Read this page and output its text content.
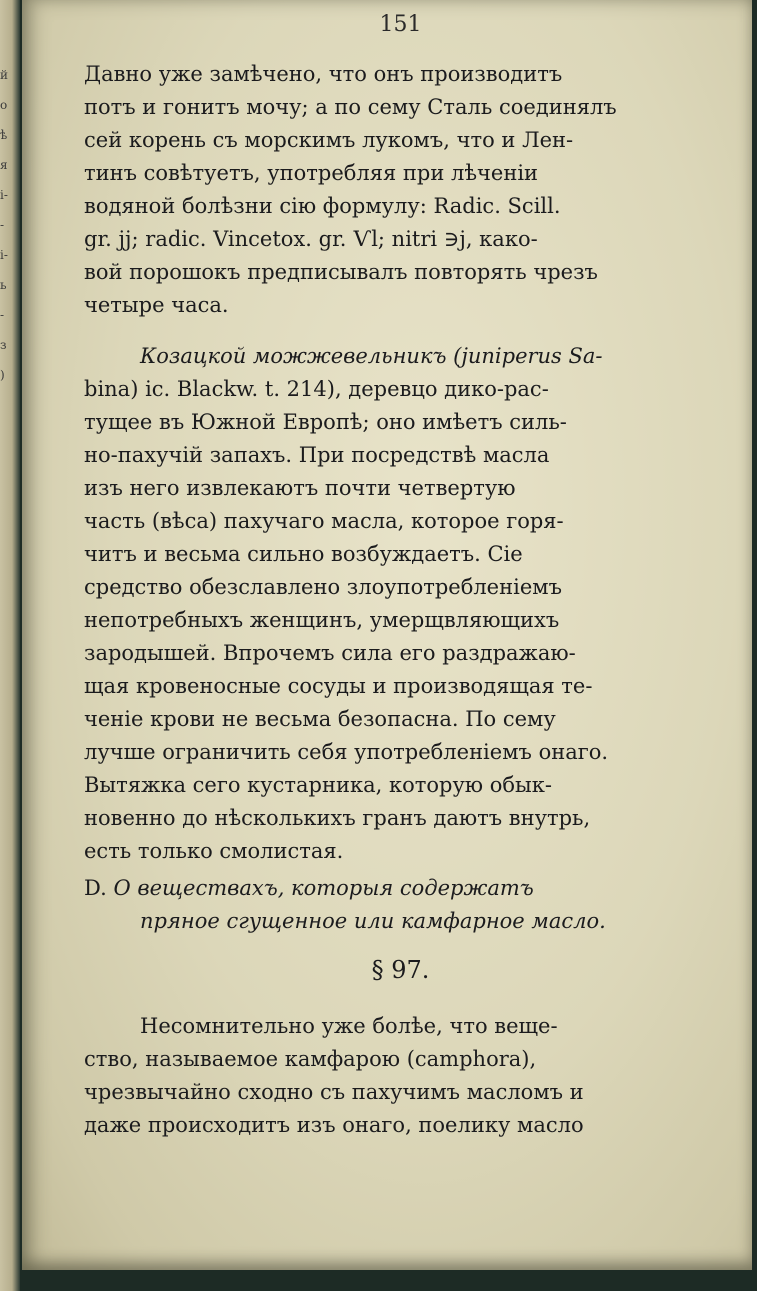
й
о
ѣ
я
і-
-
і-
ь
-
з
)
151

Давно уже замѣчено, что онъ производитъ

потъ и гонитъ мочу; а по сему Сталь соединялъ

сей корень съ морскимъ лукомъ, что и Лен-

тинъ совѣтуетъ, употребляя при лѣченіи

водяной болѣзни сію формулу: Radic. Scill.

gr. jj; radic. Vincetox. gr. Ѵl; nitri ∋j, како-

вой порошокъ предписывалъ повторять чрезъ

четыре часа.

Козацкой можжевельникъ (juniperus Sa-

bina) ic. Blackw. t. 214), деревцо дико-рас-

тущее въ Южной Европѣ; оно имѣетъ силь-

но-пахучій запахъ. При посредствѣ масла

изъ него извлекаютъ почти четвертую

часть (вѣса) пахучаго масла, которое горя-

читъ и весьма сильно возбуждаетъ. Сіе

средство обезславлено злоупотребленіемъ

непотребныхъ женщинъ, умерщвляющихъ

зародышей. Впрочемъ сила его раздражаю-

щая кровеносные сосуды и производящая те-

ченіе крови не весьма безопасна. По сему

лучше ограничить себя употребленіемъ онаго.

Вытяжка сего кустарника, которую обык-

новенно до нѣсколькихъ гранъ даютъ внутрь,

есть только смолистая.

D. О веществахъ, которыя содержатъ

пряное сгущенное или камфарное масло.

§ 97.

Несомнительно уже болѣе, что веще-

ство, называемое камфарою (camphora),

чрезвычайно сходно съ пахучимъ масломъ и

даже происходитъ изъ онаго, поелику масло
